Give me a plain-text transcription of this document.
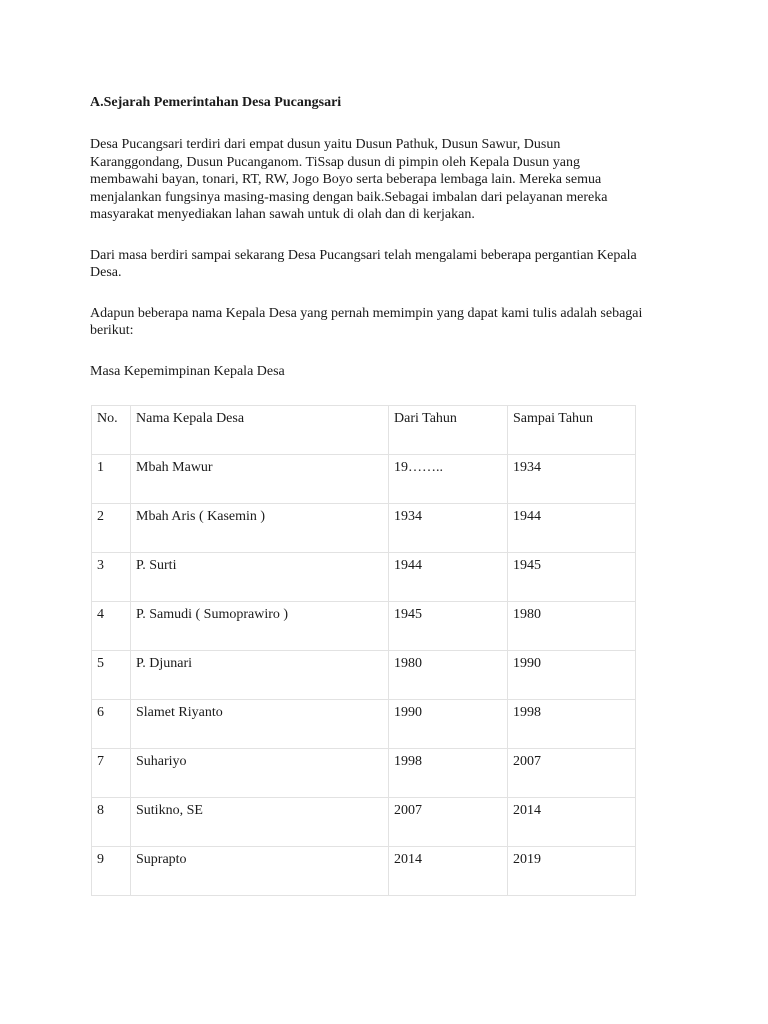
A.Sejarah Pemerintahan Desa Pucangsari

Desa Pucangsari terdiri dari empat dusun yaitu Dusun Pathuk, Dusun Sawur, Dusun Karanggondang, Dusun Pucanganom. TiSsap dusun di pimpin oleh Kepala Dusun yang membawahi bayan, tonari, RT, RW, Jogo Boyo serta beberapa lembaga lain. Mereka semua menjalankan fungsinya masing-masing dengan baik.Sebagai imbalan dari pelayanan mereka masyarakat menyediakan lahan sawah untuk di olah dan di kerjakan.

Dari masa berdiri sampai sekarang Desa Pucangsari telah mengalami beberapa pergantian Kepala Desa.

Adapun beberapa nama Kepala Desa yang pernah memimpin yang dapat kami tulis adalah sebagai berikut:

Masa Kepemimpinan Kepala Desa

No.	Nama Kepala Desa	Dari Tahun	Sampai Tahun
1	Mbah Mawur	19……..	1934
2	Mbah Aris ( Kasemin )	1934	1944
3	P. Surti	1944	1945
4	P. Samudi ( Sumoprawiro )	1945	1980
5	P. Djunari	1980	1990
6	Slamet Riyanto	1990	1998
7	Suhariyo	1998	2007
8	Sutikno, SE	2007	2014
9	Suprapto	2014	2019
